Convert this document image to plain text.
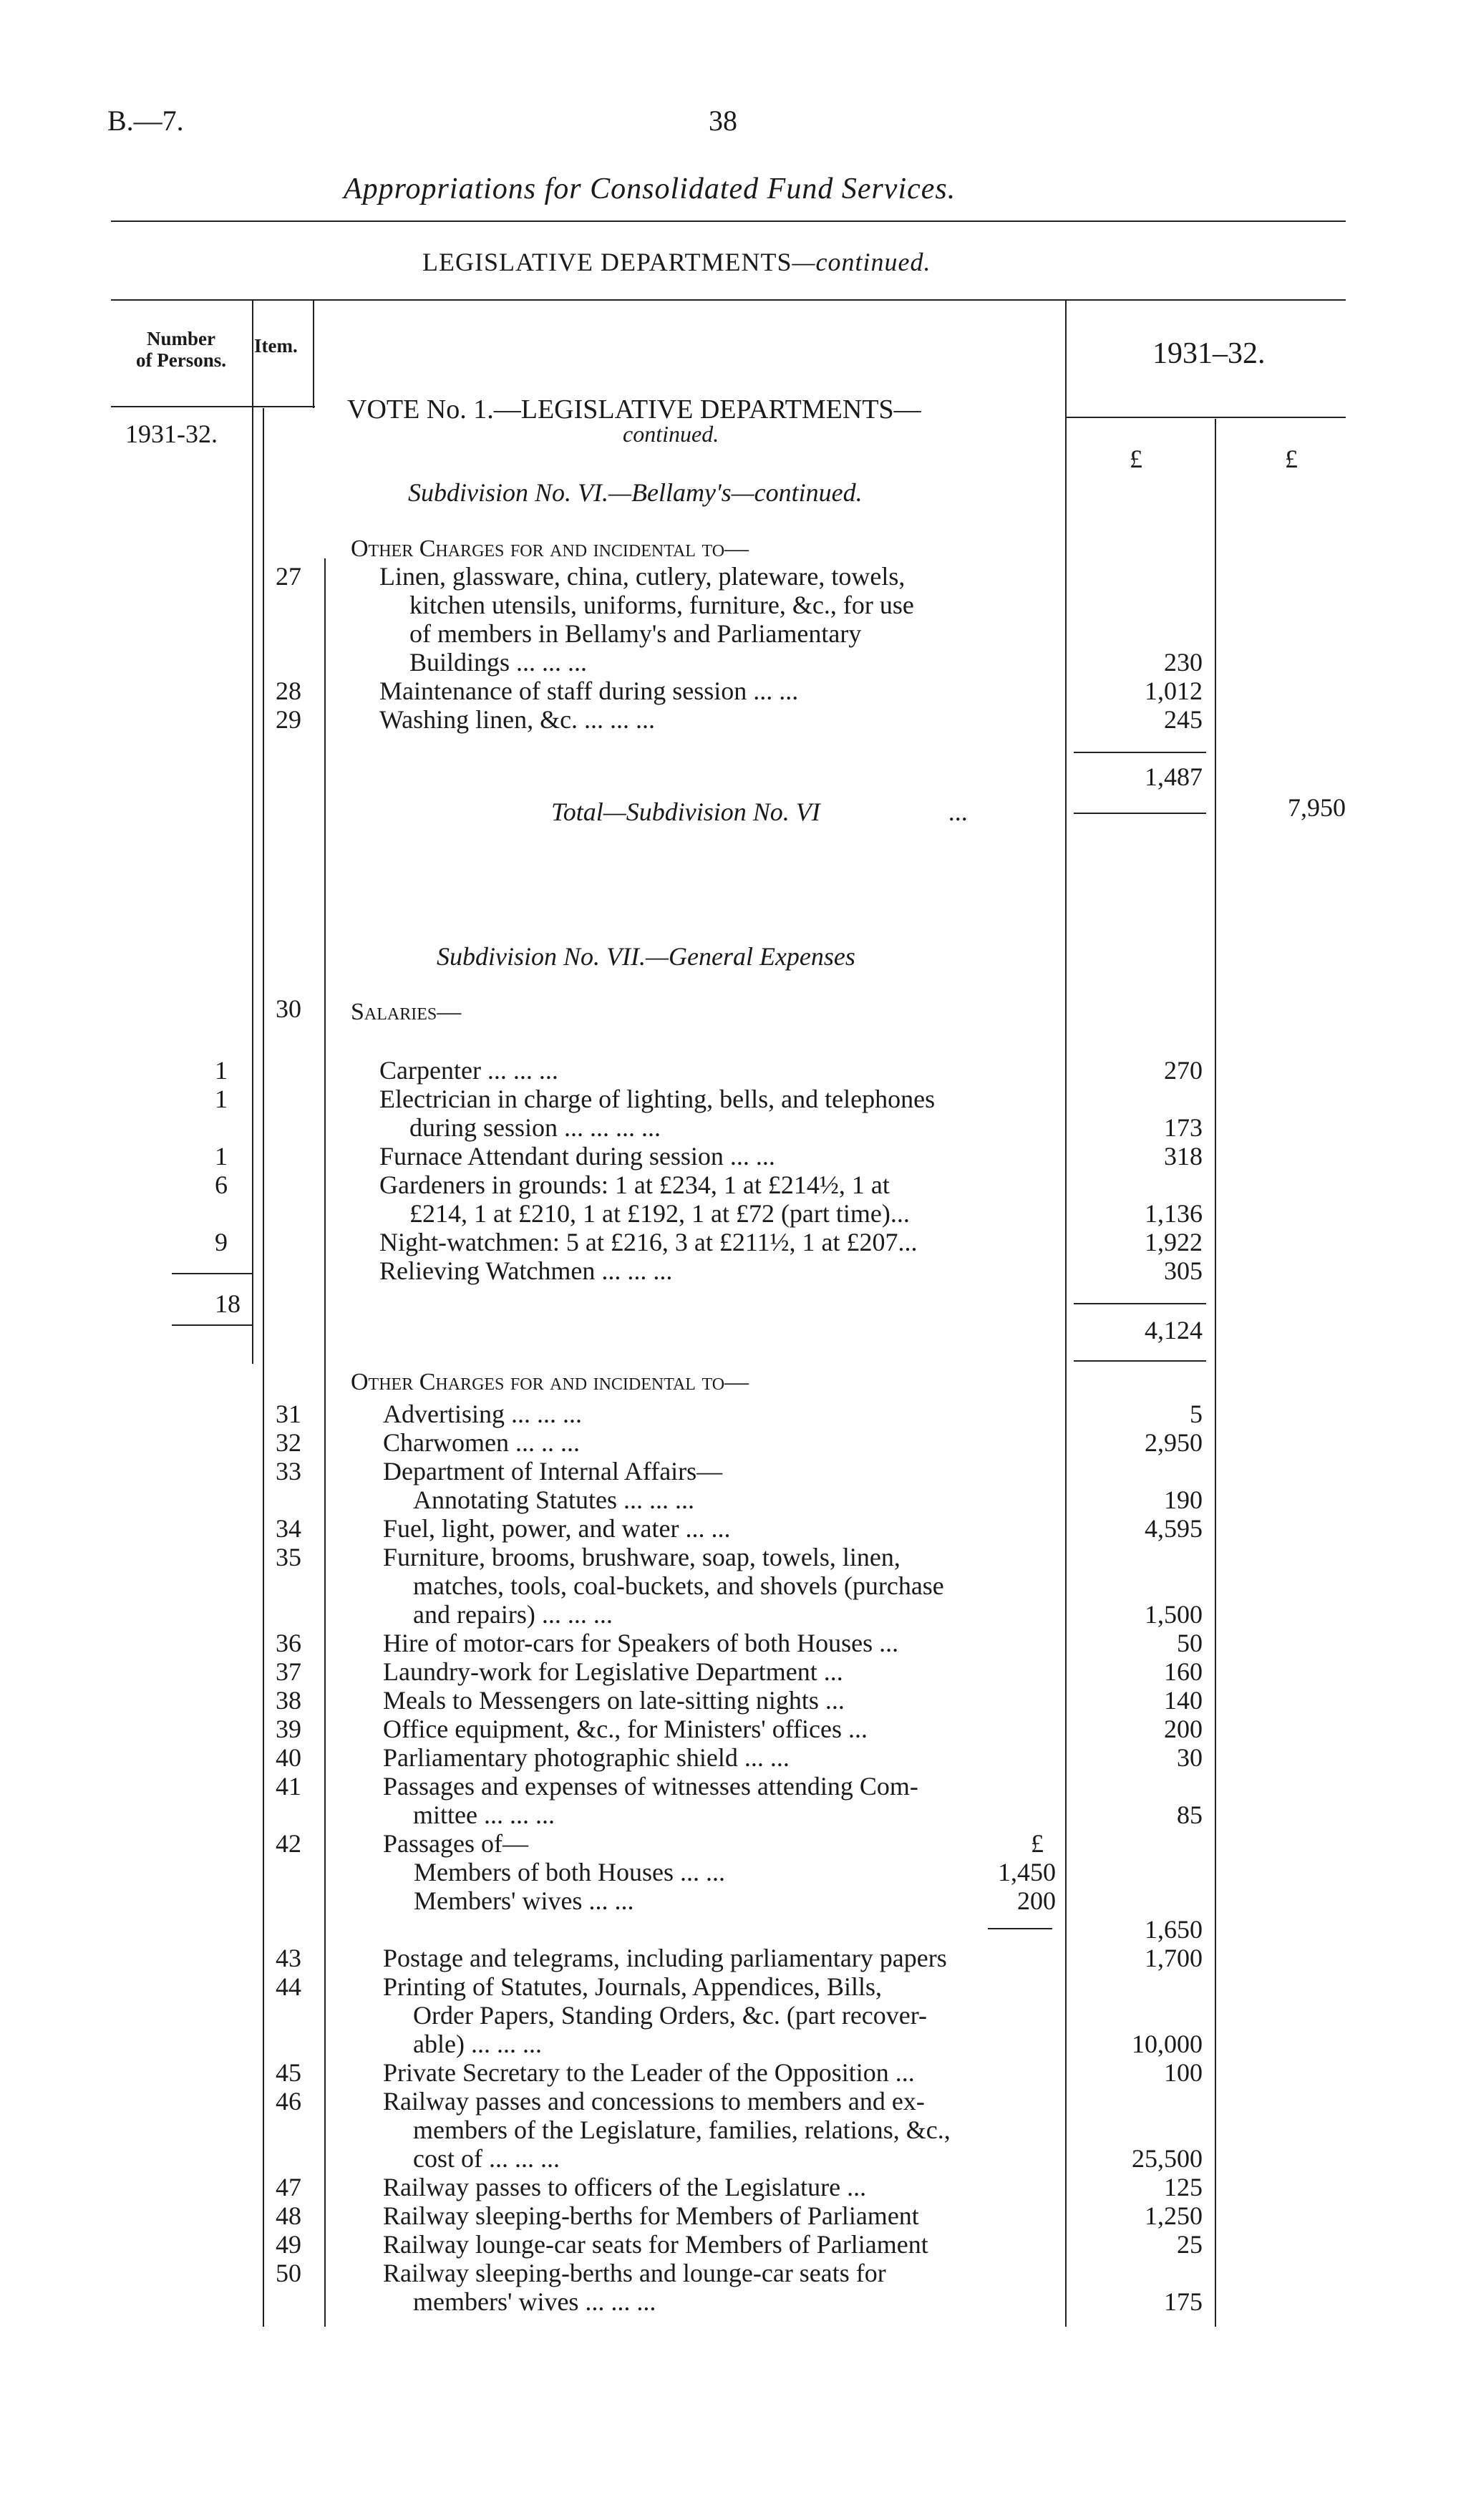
B.—7.	38
Appropriations for Consolidated Fund Services.
LEGISLATIVE DEPARTMENTS—continued.
Number
of Persons.
Item.	1931–32.
1931-32.
£	£
VOTE No. 1.—LEGISLATIVE DEPARTMENTS—
continued.
Subdivision No. VI.—Bellamy's—continued.
Other Charges for and incidental to—
27	Linen, glassware, china, cutlery, plateware, towels,
kitchen utensils, uniforms, furniture, &c., for use
of members in Bellamy's and Parliamentary
Buildings ... ... ...	230
28	Maintenance of staff during session ... ...	1,012
29	Washing linen, &c. ... ... ...	245
1,487
Total—Subdivision No. VI	...	7,950
Subdivision No. VII.—General Expenses
30 Salaries—
1	Carpenter ... ... ...	270
1	Electrician in charge of lighting, bells, and telephones
during session ... ... ... ...	173
1	Furnace Attendant during session ... ...	318
6	Gardeners in grounds: 1 at £234, 1 at £214½, 1 at
£214, 1 at £210, 1 at £192, 1 at £72 (part time)...	1,136
9	Night-watchmen: 5 at £216, 3 at £211½, 1 at £207...	1,922
Relieving Watchmen ... ... ...	305
18
4,124
Other Charges for and incidental to—
31	Advertising ... ... ...	5
32	Charwomen ... .. ...	2,950
33	Department of Internal Affairs—
Annotating Statutes ... ... ...	190
34	Fuel, light, power, and water ... ...	4,595
35	Furniture, brooms, brushware, soap, towels, linen,
matches, tools, coal-buckets, and shovels (purchase
and repairs) ... ... ...	1,500
36	Hire of motor-cars for Speakers of both Houses ...	50
37	Laundry-work for Legislative Department ...	160
38	Meals to Messengers on late-sitting nights ...	140
39	Office equipment, &c., for Ministers' offices ...	200
40	Parliamentary photographic shield ... ...	30
41	Passages and expenses of witnesses attending Com-
mittee ... ... ...	85
42	Passages of—	£
Members of both Houses ... ...	1,450
Members' wives ... ...	200
1,650
43	Postage and telegrams, including parliamentary papers	1,700
44	Printing of Statutes, Journals, Appendices, Bills,
Order Papers, Standing Orders, &c. (part recover-
able) ... ... ...	10,000
45	Private Secretary to the Leader of the Opposition ...	100
46	Railway passes and concessions to members and ex-
members of the Legislature, families, relations, &c.,
cost of ... ... ...	25,500
47	Railway passes to officers of the Legislature ...	125
48	Railway sleeping-berths for Members of Parliament	1,250
49	Railway lounge-car seats for Members of Parliament	25
50	Railway sleeping-berths and lounge-car seats for
members' wives ... ... ...	175
